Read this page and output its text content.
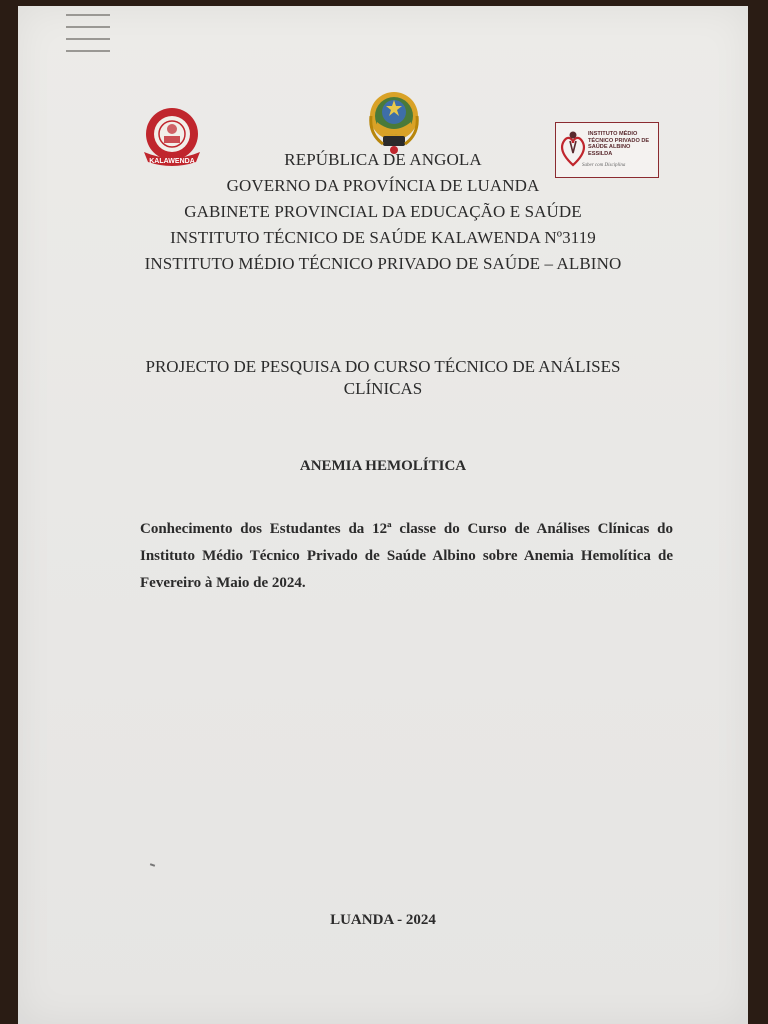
KALAWENDA
INSTITUTO MÉDIO TÉCNICO PRIVADO DE SAÚDE ALBINO ESSILDA
Saber com Disciplina
REPÚBLICA DE ANGOLA
GOVERNO DA PROVÍNCIA DE LUANDA
GABINETE PROVINCIAL DA EDUCAÇÃO E SAÚDE
INSTITUTO TÉCNICO DE SAÚDE KALAWENDA Nº3119
INSTITUTO MÉDIO TÉCNICO PRIVADO DE SAÚDE – ALBINO
PROJECTO DE PESQUISA DO CURSO TÉCNICO DE ANÁLISES
CLÍNICAS
ANEMIA HEMOLÍTICA
Conhecimento dos Estudantes da 12ª classe do Curso de Análises Clínicas do Instituto Médio Técnico Privado de Saúde Albino sobre Anemia Hemolítica de Fevereiro à Maio de 2024.
LUANDA - 2024
